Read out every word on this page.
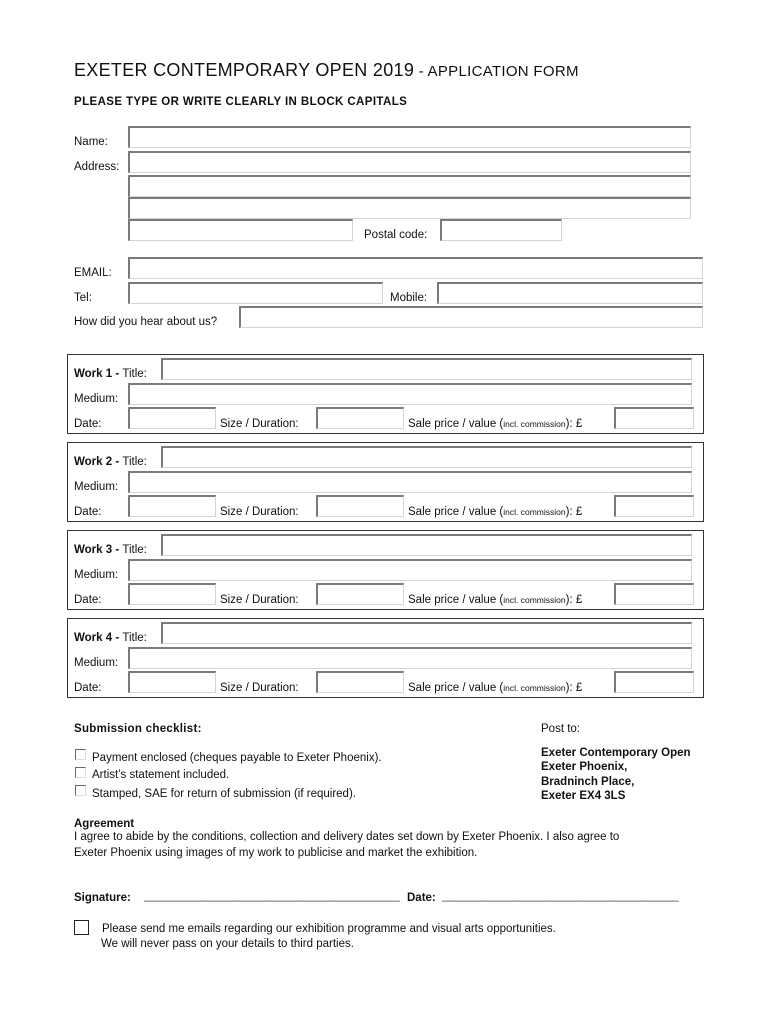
EXETER CONTEMPORARY OPEN 2019 - APPLICATION FORM
PLEASE TYPE OR WRITE CLEARLY IN BLOCK CAPITALS
Name:
Address:
Postal code:
EMAIL:
Tel:	Mobile:
How did you hear about us?
Work 1 - Title:
Medium:
Date:	Size / Duration:	Sale price / value (incl. commission): £
Work 2 - Title:
Medium:
Date:	Size / Duration:	Sale price / value (incl. commission): £
Work 3 - Title:
Medium:
Date:	Size / Duration:	Sale price / value (incl. commission): £
Work 4 - Title:
Medium:
Date:	Size / Duration:	Sale price / value (incl. commission): £
Submission checklist:
Payment enclosed (cheques payable to Exeter Phoenix).
Artist’s statement included.
Stamped, SAE for return of submission (if required).
Post to:
Exeter Contemporary Open
Exeter Phoenix,
Bradninch Place,
Exeter EX4 3LS
Agreement
I agree to abide by the conditions, collection and delivery dates set down by Exeter Phoenix. I also agree to
Exeter Phoenix using images of my work to publicise and market the exhibition.
Signature: ________________________________________ Date: _____________________________________
Please send me emails regarding our exhibition programme and visual arts opportunities.
We will never pass on your details to third parties.
